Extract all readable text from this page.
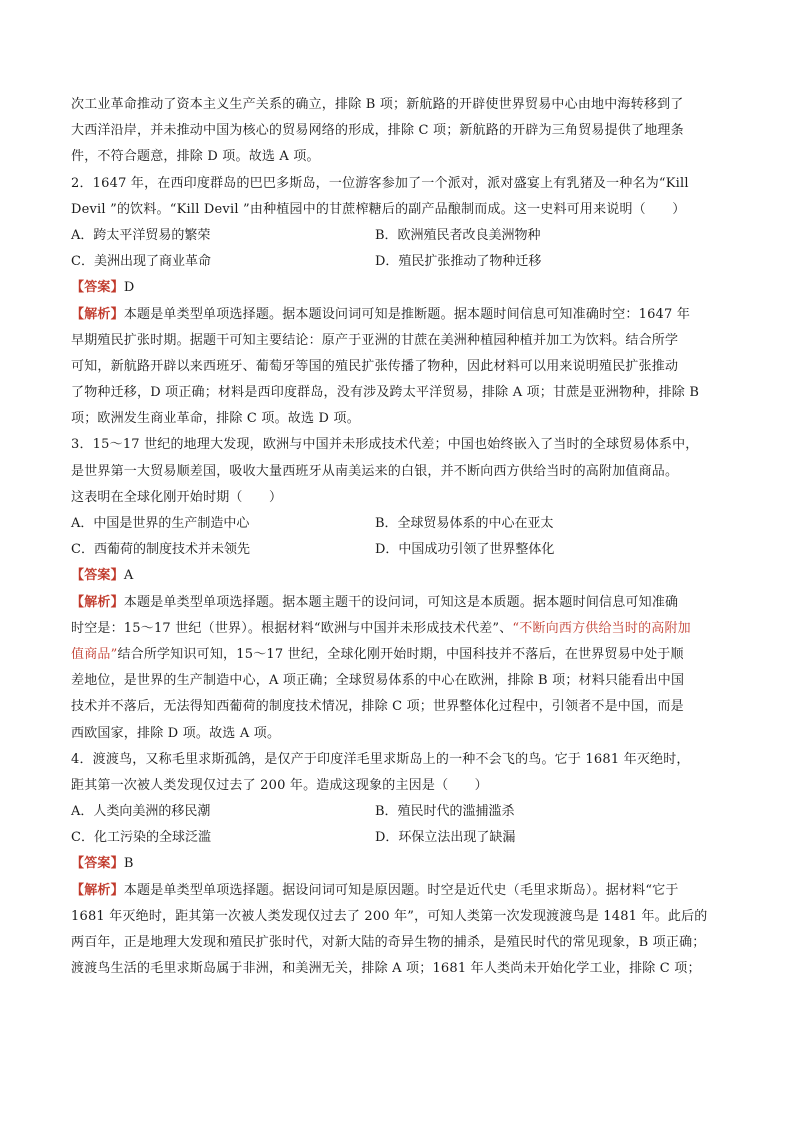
次工业革命推动了资本主义生产关系的确立，排除 B 项；新航路的开辟使世界贸易中心由地中海转移到了
大西洋沿岸，并未推动中国为核心的贸易网络的形成，排除 C 项；新航路的开辟为三角贸易提供了地理条
件，不符合题意，排除 D 项。故选 A 项。
2．1647 年，在西印度群岛的巴巴多斯岛，一位游客参加了一个派对，派对盛宴上有乳猪及一种名为“Kill
Devil ”的饮料。“Kill Devil ”由种植园中的甘蔗榨糖后的副产品酿制而成。这一史料可用来说明（　　）
A．跨太平洋贸易的繁荣	B．欧洲殖民者改良美洲物种
C．美洲出现了商业革命	D．殖民扩张推动了物种迁移
【答案】D
【解析】本题是单类型单项选择题。据本题设问词可知是推断题。据本题时间信息可知准确时空：1647 年
早期殖民扩张时期。据题干可知主要结论：原产于亚洲的甘蔗在美洲种植园种植并加工为饮料。结合所学
可知，新航路开辟以来西班牙、葡萄牙等国的殖民扩张传播了物种，因此材料可以用来说明殖民扩张推动
了物种迁移，D 项正确；材料是西印度群岛，没有涉及跨太平洋贸易，排除 A 项；甘蔗是亚洲物种，排除 B
项；欧洲发生商业革命，排除 C 项。故选 D 项。
3．15～17 世纪的地理大发现，欧洲与中国并未形成技术代差；中国也始终嵌入了当时的全球贸易体系中，
是世界第一大贸易顺差国，吸收大量西班牙从南美运来的白银，并不断向西方供给当时的高附加值商品。
这表明在全球化刚开始时期（　　）
A．中国是世界的生产制造中心	B．全球贸易体系的中心在亚太
C．西葡荷的制度技术并未领先	D．中国成功引领了世界整体化
【答案】A
【解析】本题是单类型单项选择题。据本题主题干的设问词，可知这是本质题。据本题时间信息可知准确
时空是：15～17 世纪（世界）。根据材料“欧洲与中国并未形成技术代差”、“不断向西方供给当时的高附加
值商品”结合所学知识可知，15～17 世纪，全球化刚开始时期，中国科技并不落后，在世界贸易中处于顺
差地位，是世界的生产制造中心，A 项正确；全球贸易体系的中心在欧洲，排除 B 项；材料只能看出中国
技术并不落后，无法得知西葡荷的制度技术情况，排除 C 项；世界整体化过程中，引领者不是中国，而是
西欧国家，排除 D 项。故选 A 项。
4．渡渡鸟，又称毛里求斯孤鸽，是仅产于印度洋毛里求斯岛上的一种不会飞的鸟。它于 1681 年灭绝时，
距其第一次被人类发现仅过去了 200 年。造成这现象的主因是（　　）
A．人类向美洲的移民潮	B．殖民时代的滥捕滥杀
C．化工污染的全球泛滥	D．环保立法出现了缺漏
【答案】B
【解析】本题是单类型单项选择题。据设问词可知是原因题。时空是近代史（毛里求斯岛）。据材料“它于
1681 年灭绝时，距其第一次被人类发现仅过去了 200 年”，可知人类第一次发现渡渡鸟是 1481 年。此后的
两百年，正是地理大发现和殖民扩张时代，对新大陆的奇异生物的捕杀，是殖民时代的常见现象，B 项正确；
渡渡鸟生活的毛里求斯岛属于非洲，和美洲无关，排除 A 项；1681 年人类尚未开始化学工业，排除 C 项；
